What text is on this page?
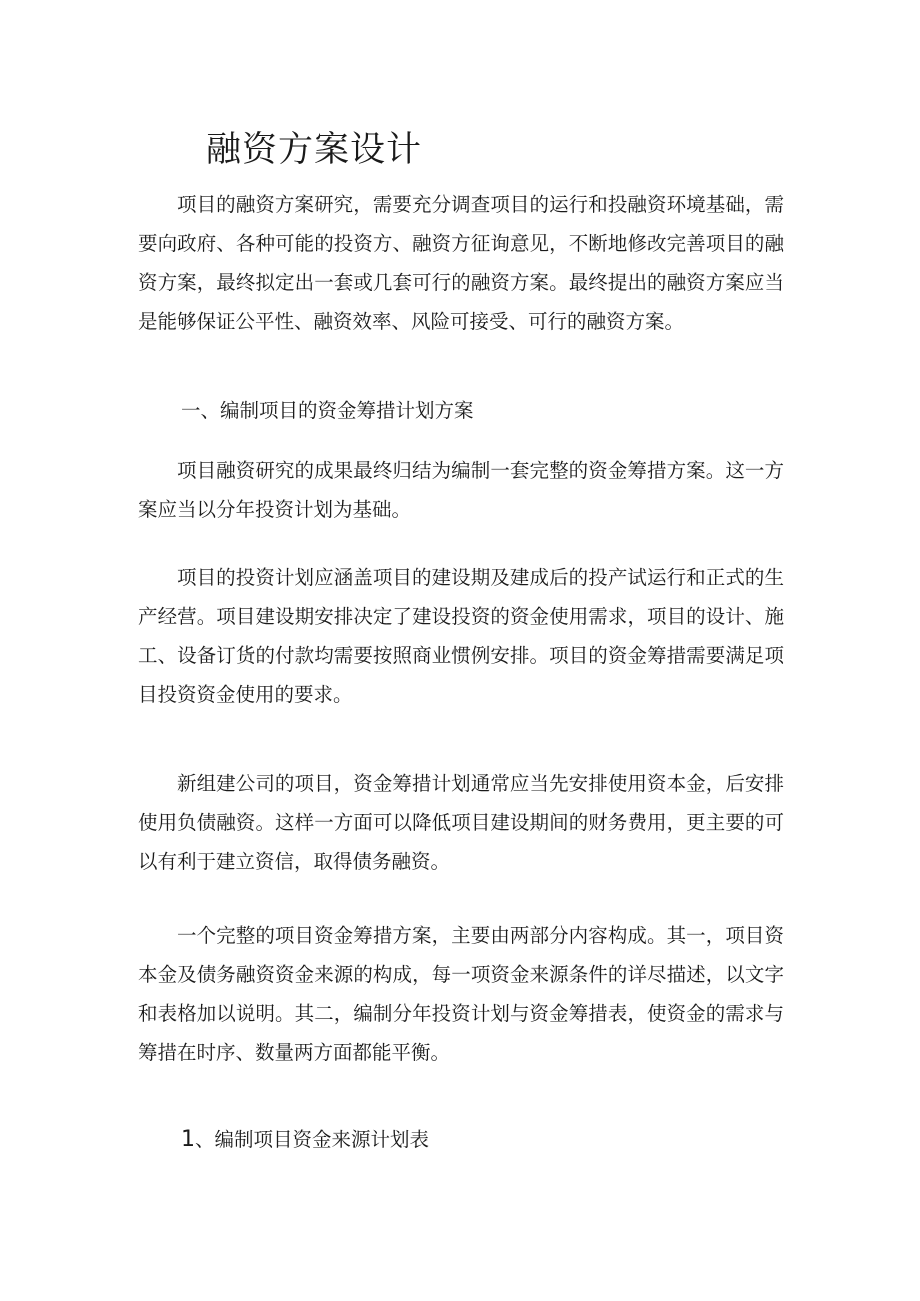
融资方案设计

项目的融资方案研究，需要充分调查项目的运行和投融资环境基础，需要向政府、各种可能的投资方、融资方征询意见，不断地修改完善项目的融资方案，最终拟定出一套或几套可行的融资方案。最终提出的融资方案应当是能够保证公平性、融资效率、风险可接受、可行的融资方案。

一、编制项目的资金筹措计划方案

项目融资研究的成果最终归结为编制一套完整的资金筹措方案。这一方案应当以分年投资计划为基础。

项目的投资计划应涵盖项目的建设期及建成后的投产试运行和正式的生产经营。项目建设期安排决定了建设投资的资金使用需求，项目的设计、施工、设备订货的付款均需要按照商业惯例安排。项目的资金筹措需要满足项目投资资金使用的要求。

新组建公司的项目，资金筹措计划通常应当先安排使用资本金，后安排使用负债融资。这样一方面可以降低项目建设期间的财务费用，更主要的可以有利于建立资信，取得债务融资。

一个完整的项目资金筹措方案，主要由两部分内容构成。其一，项目资本金及债务融资资金来源的构成，每一项资金来源条件的详尽描述，以文字和表格加以说明。其二，编制分年投资计划与资金筹措表，使资金的需求与筹措在时序、数量两方面都能平衡。

1、编制项目资金来源计划表
